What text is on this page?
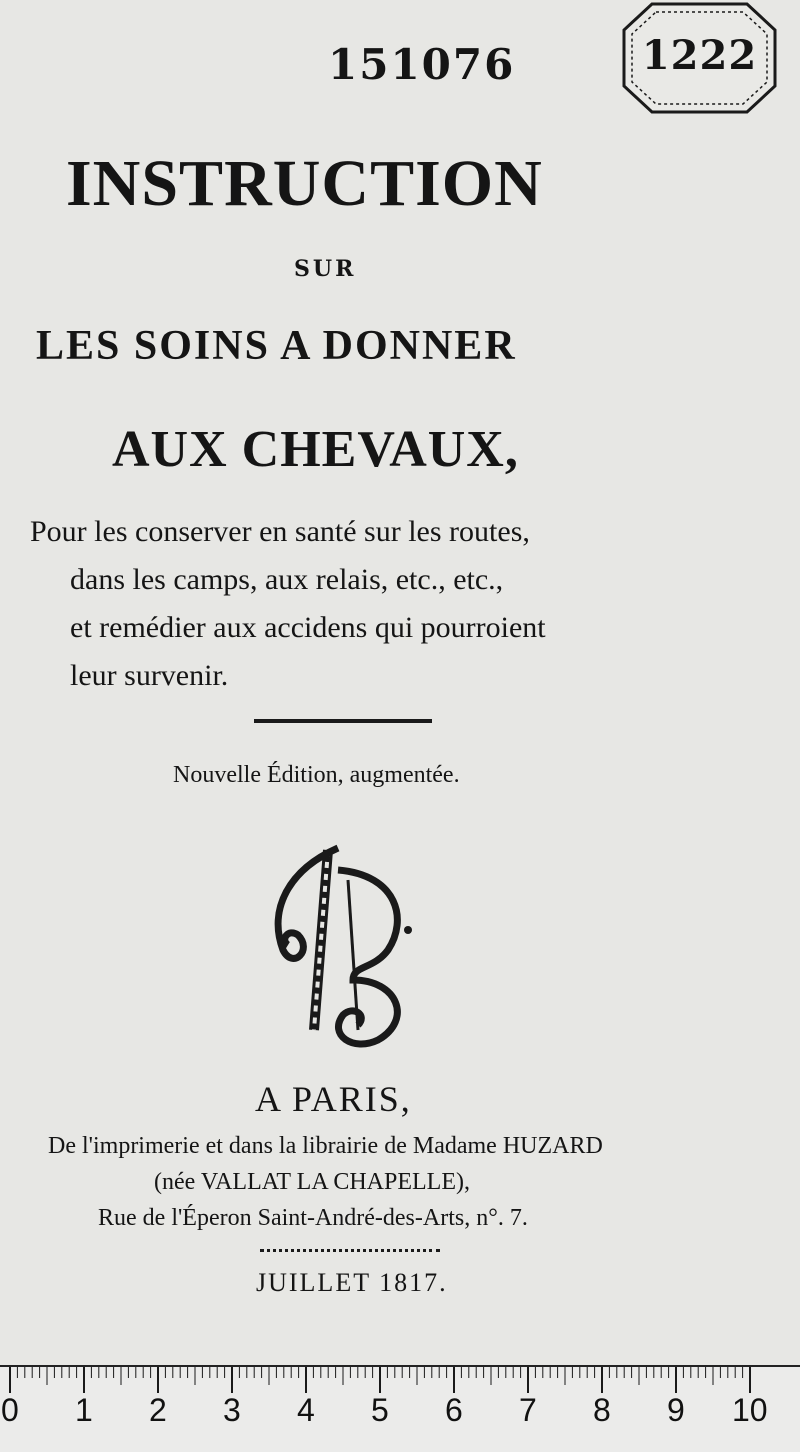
151076	1222
INSTRUCTION
SUR
LES SOINS A DONNER
AUX CHEVAUX,
Pour les conserver en santé sur les routes,
dans les camps, aux relais, etc., etc.,
et remédier aux accidens qui pourroient
leur survenir.
Nouvelle Édition, augmentée.
A PARIS,
De l'imprimerie et dans la librairie de Madame HUZARD
(née VALLAT LA CHAPELLE),
Rue de l'Éperon Saint-André-des-Arts, n°. 7.
JUILLET 1817.
0 1 2 3 4 5 6 7 8 9 10
